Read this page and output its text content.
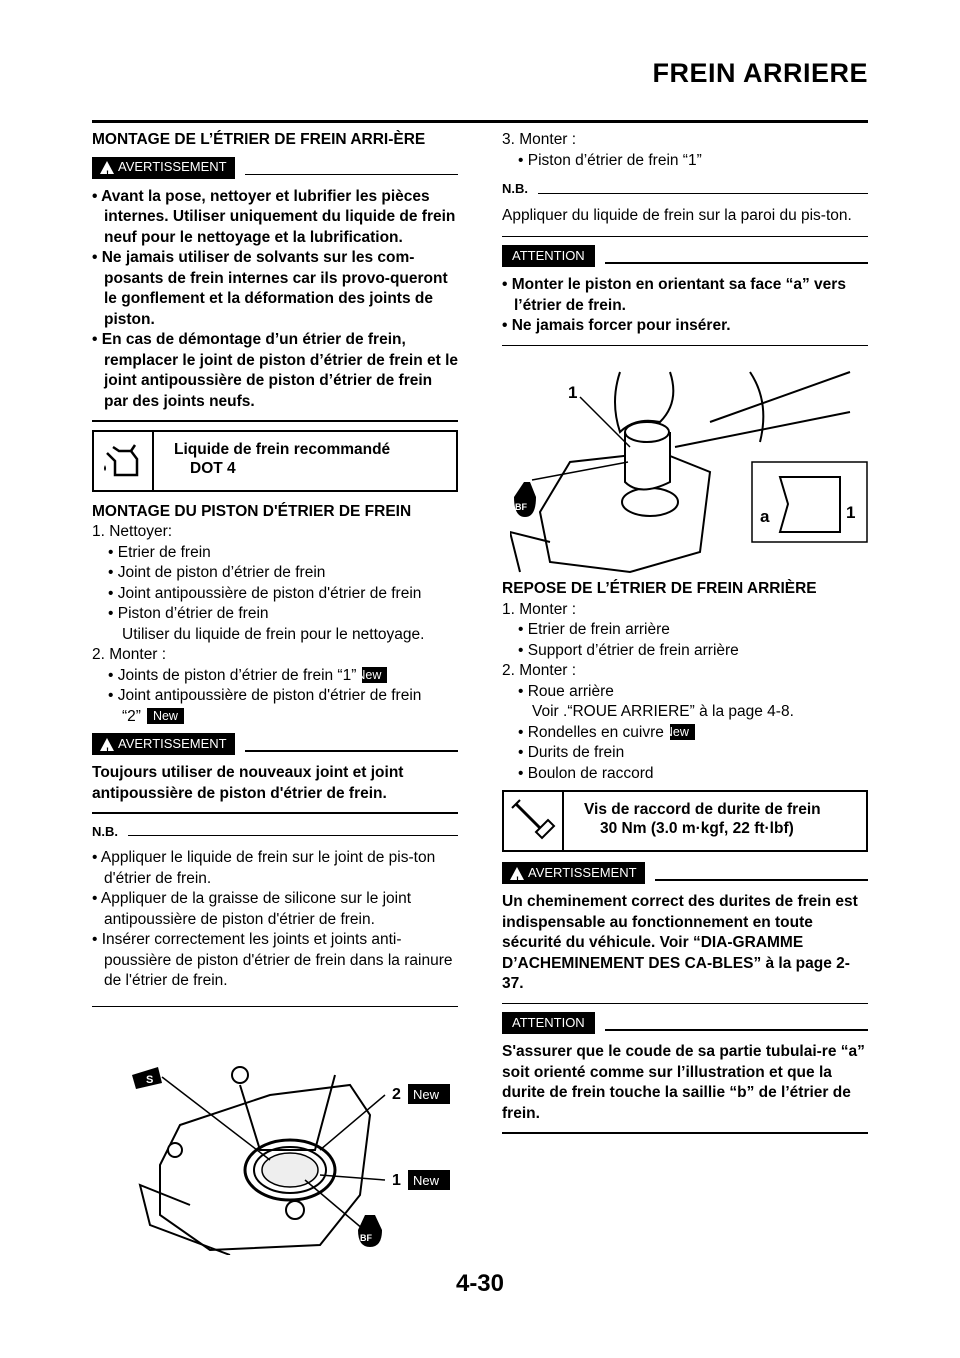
FREIN ARRIERE

MONTAGE DE L’ÉTRIER DE FREIN ARRI-ÈRE

! AVERTISSEMENT

• Avant la pose, nettoyer et lubrifier les pièces internes. Utiliser uniquement du liquide de frein neuf pour le nettoyage et la lubrification.

• Ne jamais utiliser de solvants sur les com-posants de frein internes car ils provo-queront le gonflement et la déformation des joints de piston.

• En cas de démontage d’un étrier de frein, remplacer le joint de piston d’étrier de frein et le joint antipoussière de piston d’étrier de frein par des joints neufs.

Liquide de frein recommandé
DOT 4

MONTAGE DU PISTON D'ÉTRIER DE FREIN

1. Nettoyer:

• Etrier de frein

• Joint de piston d’étrier de frein

• Joint antipoussière de piston d'étrier de frein

• Piston d’étrier de frein

Utiliser du liquide de frein pour le nettoyage.

2. Monter :

• Joints de piston d’étrier de frein “1”New

• Joint antipoussière de piston d'étrier de frein

“2” New

! AVERTISSEMENT

Toujours utiliser de nouveaux joint et joint antipoussière de piston d'étrier de frein.

N.B.

• Appliquer le liquide de frein sur le joint de pis-ton d'étrier de frein.

• Appliquer de la graisse de silicone sur le joint antipoussière de piston d'étrier de frein.

• Insérer correctement les joints et joints anti-poussière de piston d'étrier de frein dans la rainure de l'étrier de frein.

S
2 New
1 New
BF

3. Monter :

• Piston d’étrier de frein “1”

N.B.

Appliquer du liquide de frein sur la paroi du pis-ton.

ATTENTION

• Monter le piston en orientant sa face “a” vers l’étrier de frein.

• Ne jamais forcer pour insérer.

REPOSE DE L’ÉTRIER DE FREIN ARRIÈRE

1. Monter :

• Etrier de frein arrière

• Support d’étrier de frein arrière

2. Monter :

• Roue arrière

Voir .“ROUE ARRIERE” à la page 4-8.

• Rondelles en cuivreNew

• Durits de frein

• Boulon de raccord

Vis de raccord de durite de frein
30 Nm (3.0 m·kgf, 22 ft·lbf)
! AVERTISSEMENT

Un cheminement correct des durites de frein est indispensable au fonctionnement en toute sécurité du véhicule. Voir “DIA-GRAMME D’ACHEMINEMENT DES CA-BLES” à la page 2-37.

ATTENTION

S'assurer que le coude de sa partie tubulai-re “a” soit orienté comme sur l’illustration et que la durite de frein touche la saillie “b” de l’étrier de frein.

1
a	1
BF
4-30
